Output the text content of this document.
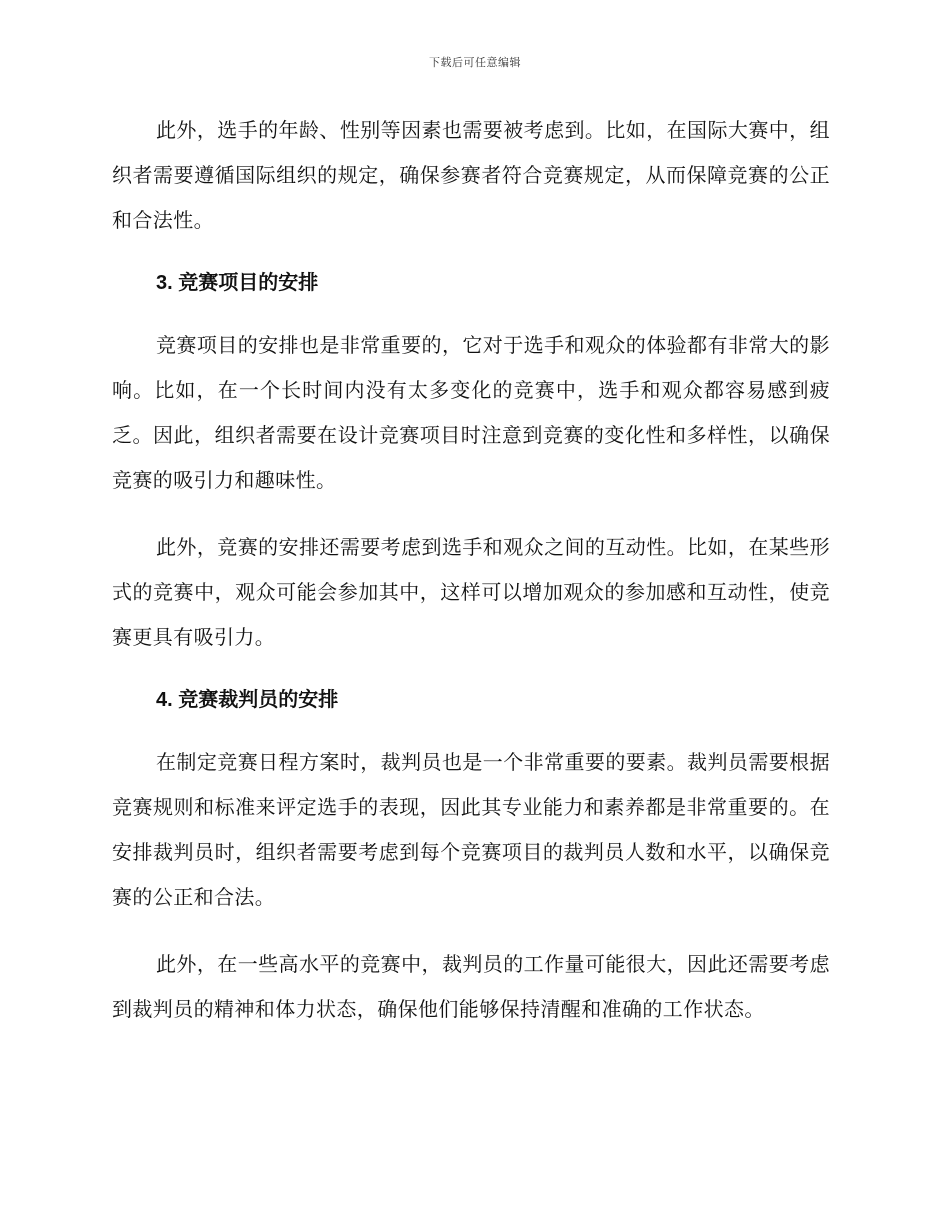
下载后可任意编辑

此外，选手的年龄、性别等因素也需要被考虑到。比如，在国际大赛中，组织者需要遵循国际组织的规定，确保参赛者符合竞赛规定，从而保障竞赛的公正和合法性。

3. 竞赛项目的安排

竞赛项目的安排也是非常重要的，它对于选手和观众的体验都有非常大的影响。比如，在一个长时间内没有太多变化的竞赛中，选手和观众都容易感到疲乏。因此，组织者需要在设计竞赛项目时注意到竞赛的变化性和多样性，以确保竞赛的吸引力和趣味性。

此外，竞赛的安排还需要考虑到选手和观众之间的互动性。比如，在某些形式的竞赛中，观众可能会参加其中，这样可以增加观众的参加感和互动性，使竞赛更具有吸引力。

4. 竞赛裁判员的安排

在制定竞赛日程方案时，裁判员也是一个非常重要的要素。裁判员需要根据竞赛规则和标准来评定选手的表现，因此其专业能力和素养都是非常重要的。在安排裁判员时，组织者需要考虑到每个竞赛项目的裁判员人数和水平，以确保竞赛的公正和合法。

此外，在一些高水平的竞赛中，裁判员的工作量可能很大，因此还需要考虑到裁判员的精神和体力状态，确保他们能够保持清醒和准确的工作状态。
